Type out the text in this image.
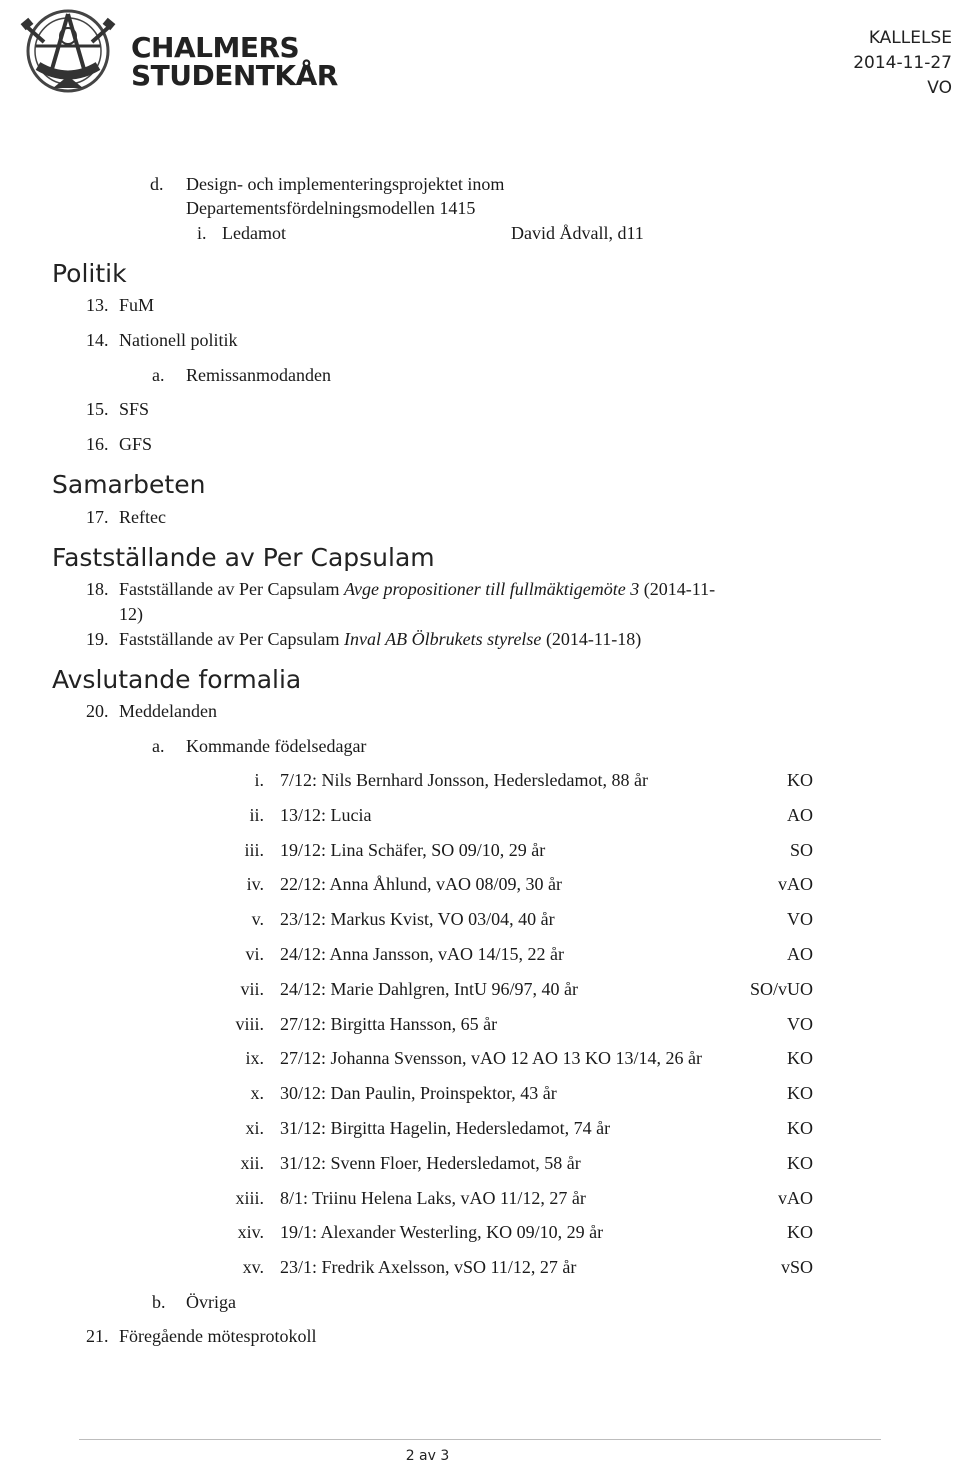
CHALMERS
STUDENTKÅR
KALLELSE
2014-11-27
VO
d. Design- och implementeringsprojektet inom
Departementsfördelningsmodellen 1415
i. Ledamot	David Ådvall, d11
Politik
13. FuM
14. Nationell politik
a. Remissanmodanden
15. SFS
16. GFS
Samarbeten
17. Reftec
Fastställande av Per Capsulam
18. Fastställande av Per Capsulam Avge propositioner till fullmäktigemöte 3 (2014-11-
12)
19. Fastställande av Per Capsulam Inval AB Ölbrukets styrelse (2014-11-18)
Avslutande formalia
20. Meddelanden
a. Kommande födelsedagar
i. 7/12: Nils Bernhard Jonsson, Hedersledamot, 88 år	KO
ii. 13/12: Lucia	AO
iii. 19/12: Lina Schäfer, SO 09/10, 29 år	SO
iv. 22/12: Anna Åhlund, vAO 08/09, 30 år	vAO
v. 23/12: Markus Kvist, VO 03/04, 40 år	VO
vi. 24/12: Anna Jansson, vAO 14/15, 22 år	AO
vii. 24/12: Marie Dahlgren, IntU 96/97, 40 år	SO/vUO
viii. 27/12: Birgitta Hansson, 65 år	VO
ix. 27/12: Johanna Svensson, vAO 12 AO 13 KO 13/14, 26 år	KO
x. 30/12: Dan Paulin, Proinspektor, 43 år	KO
xi. 31/12: Birgitta Hagelin, Hedersledamot, 74 år	KO
xii. 31/12: Svenn Floer, Hedersledamot, 58 år	KO
xiii. 8/1: Triinu Helena Laks, vAO 11/12, 27 år	vAO
xiv. 19/1: Alexander Westerling, KO 09/10, 29 år	KO
xv. 23/1: Fredrik Axelsson, vSO 11/12, 27 år	vSO
b. Övriga
21. Föregående mötesprotokoll
2 av 3
